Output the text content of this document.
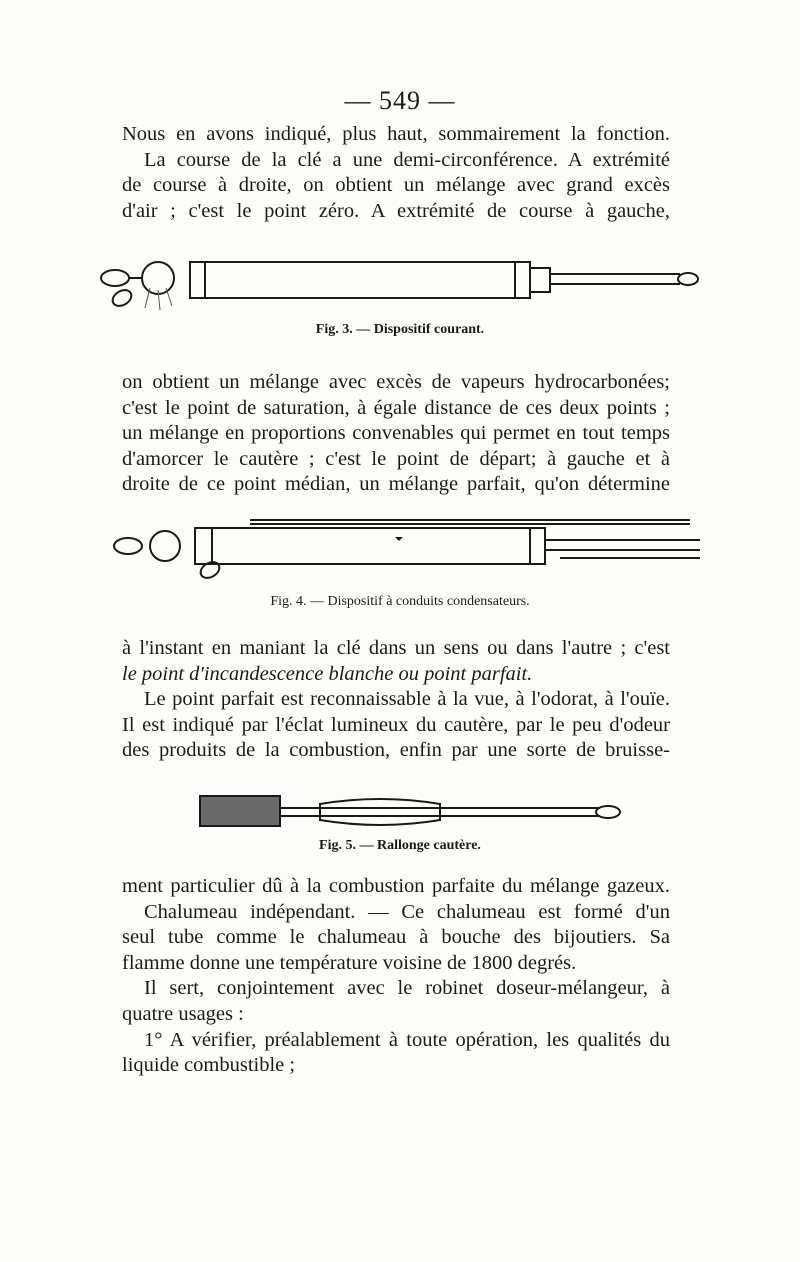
— 549 —
Nous en avons indiqué, plus haut, sommairement la fonction.
La course de la clé a une demi-circonférence. A extrémité
de course à droite, on obtient un mélange avec grand excès
d'air ; c'est le point zéro. A extrémité de course à gauche,
Fig. 3. — Dispositif courant.
on obtient un mélange avec excès de vapeurs hydrocarbonées;
c'est le point de saturation, à égale distance de ces deux points ;
un mélange en proportions convenables qui permet en tout temps
d'amorcer le cautère ; c'est le point de départ; à gauche et à
droite de ce point médian, un mélange parfait, qu'on détermine
Fig. 4. — Dispositif à conduits condensateurs.
à l'instant en maniant la clé dans un sens ou dans l'autre ; c'est
le point d'incandescence blanche ou point parfait.
Le point parfait est reconnaissable à la vue, à l'odorat, à l'ouïe.
Il est indiqué par l'éclat lumineux du cautère, par le peu d'odeur
des produits de la combustion, enfin par une sorte de bruisse-
Fig. 5. — Rallonge cautère.
ment particulier dû à la combustion parfaite du mélange gazeux.
Chalumeau indépendant. — Ce chalumeau est formé d'un
seul tube comme le chalumeau à bouche des bijoutiers. Sa
flamme donne une température voisine de 1800 degrés.
Il sert, conjointement avec le robinet doseur-mélangeur, à
quatre usages :
1° A vérifier, préalablement à toute opération, les qualités du
liquide combustible ;
